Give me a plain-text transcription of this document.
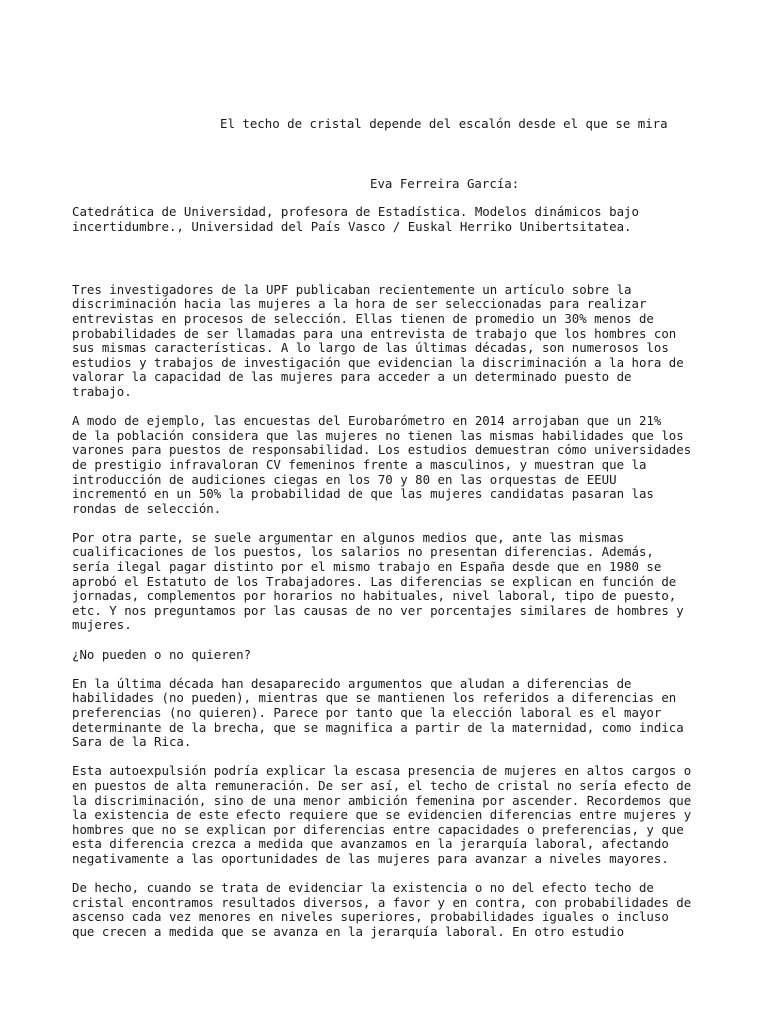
El techo de cristal depende del escalón desde el que se mira
Eva Ferreira García:

Catedrática de Universidad, profesora de Estadística. Modelos dinámicos bajo
incertidumbre., Universidad del País Vasco / Euskal Herriko Unibertsitatea.

Tres investigadores de la UPF publicaban recientemente un artículo sobre la
discriminación hacia las mujeres a la hora de ser seleccionadas para realizar
entrevistas en procesos de selección. Ellas tienen de promedio un 30% menos de
probabilidades de ser llamadas para una entrevista de trabajo que los hombres con
sus mismas características. A lo largo de las últimas décadas, son numerosos los
estudios y trabajos de investigación que evidencian la discriminación a la hora de
valorar la capacidad de las mujeres para acceder a un determinado puesto de
trabajo.

A modo de ejemplo, las encuestas del Eurobarómetro en 2014 arrojaban que un 21%
de la población considera que las mujeres no tienen las mismas habilidades que los
varones para puestos de responsabilidad. Los estudios demuestran cómo universidades
de prestigio infravaloran CV femeninos frente a masculinos, y muestran que la
introducción de audiciones ciegas en los 70 y 80 en las orquestas de EEUU
incrementó en un 50% la probabilidad de que las mujeres candidatas pasaran las
rondas de selección.

Por otra parte, se suele argumentar en algunos medios que, ante las mismas
cualificaciones de los puestos, los salarios no presentan diferencias. Además,
sería ilegal pagar distinto por el mismo trabajo en España desde que en 1980 se
aprobó el Estatuto de los Trabajadores. Las diferencias se explican en función de
jornadas, complementos por horarios no habituales, nivel laboral, tipo de puesto,
etc. Y nos preguntamos por las causas de no ver porcentajes similares de hombres y
mujeres.

¿No pueden o no quieren?

En la última década han desaparecido argumentos que aludan a diferencias de
habilidades (no pueden), mientras que se mantienen los referidos a diferencias en
preferencias (no quieren). Parece por tanto que la elección laboral es el mayor
determinante de la brecha, que se magnifica a partir de la maternidad, como indica
Sara de la Rica.

Esta autoexpulsión podría explicar la escasa presencia de mujeres en altos cargos o
en puestos de alta remuneración. De ser así, el techo de cristal no sería efecto de
la discriminación, sino de una menor ambición femenina por ascender. Recordemos que
la existencia de este efecto requiere que se evidencien diferencias entre mujeres y
hombres que no se explican por diferencias entre capacidades o preferencias, y que
esta diferencia crezca a medida que avanzamos en la jerarquía laboral, afectando
negativamente a las oportunidades de las mujeres para avanzar a niveles mayores.

De hecho, cuando se trata de evidenciar la existencia o no del efecto techo de
cristal encontramos resultados diversos, a favor y en contra, con probabilidades de
ascenso cada vez menores en niveles superiores, probabilidades iguales o incluso
que crecen a medida que se avanza en la jerarquía laboral. En otro estudio
